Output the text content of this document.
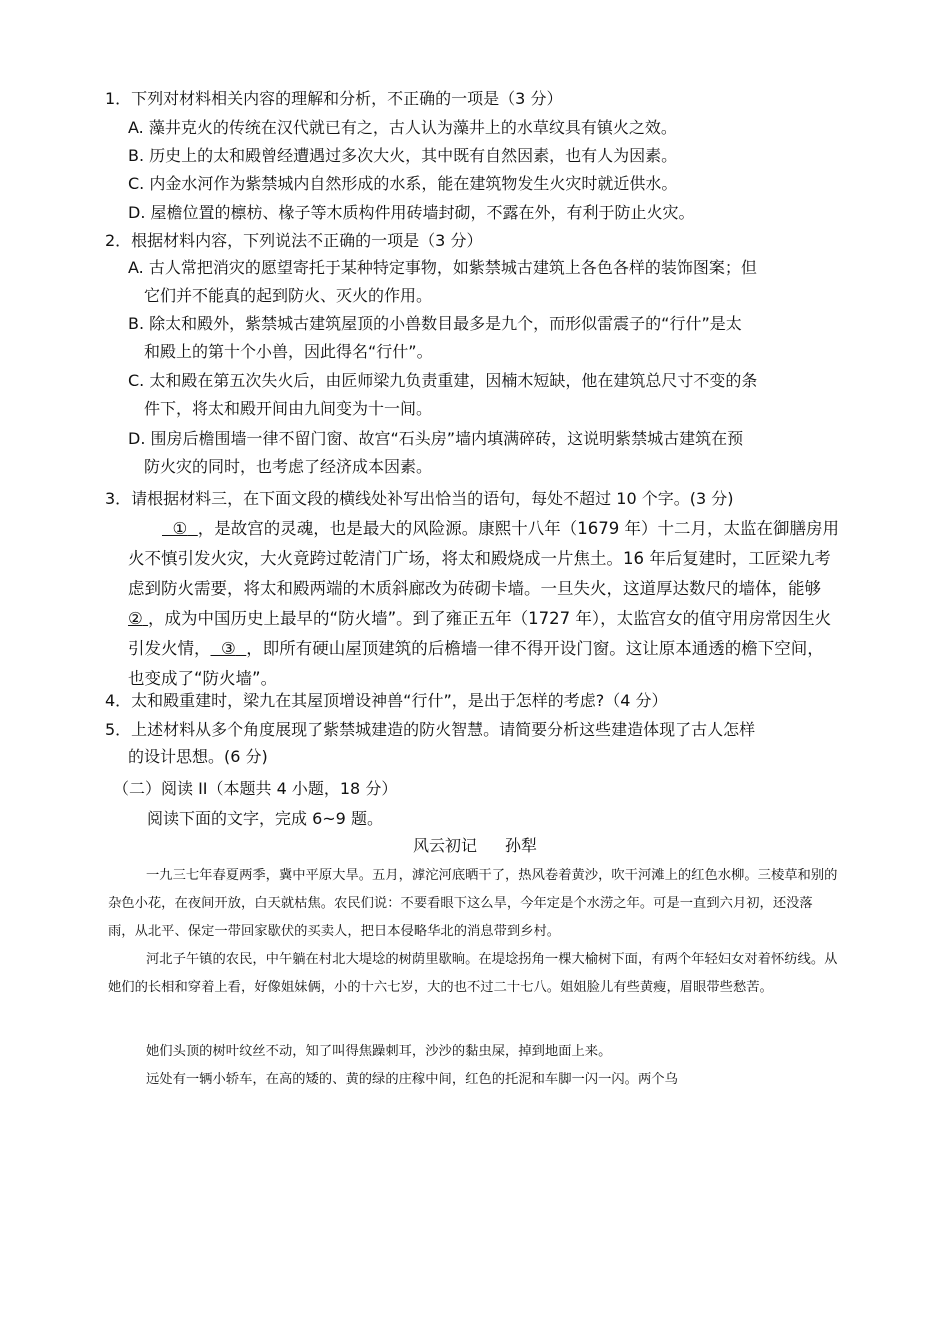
1．下列对材料相关内容的理解和分析，不正确的一项是（3 分）
A. 藻井克火的传统在汉代就已有之，古人认为藻井上的水草纹具有镇火之效。
B. 历史上的太和殿曾经遭遇过多次大火，其中既有自然因素，也有人为因素。
C. 内金水河作为紫禁城内自然形成的水系，能在建筑物发生火灾时就近供水。
D. 屋檐位置的檩枋、椽子等木质构件用砖墙封砌，不露在外，有利于防止火灾。
2．根据材料内容，下列说法不正确的一项是（3 分）
A. 古人常把消灾的愿望寄托于某种特定事物，如紫禁城古建筑上各色各样的装饰图案；但
它们并不能真的起到防火、灭火的作用。
B. 除太和殿外，紫禁城古建筑屋顶的小兽数目最多是九个，而形似雷震子的“行什”是太
和殿上的第十个小兽，因此得名“行什”。
C. 太和殿在第五次失火后，由匠师梁九负责重建，因楠木短缺，他在建筑总尺寸不变的条
件下，将太和殿开间由九间变为十一间。
D. 围房后檐围墙一律不留门窗、故宫“石头房”墙内填满碎砖，这说明紫禁城古建筑在预
防火灾的同时，也考虑了经济成本因素。
3．请根据材料三，在下面文段的横线处补写出恰当的语句，每处不超过 10 个字。(3 分)
① ，是故宫的灵魂，也是最大的风险源。康熙十八年（1679 年）十二月，太监在御膳房用火不慎引发火灾，大火竟跨过乾清门广场，将太和殿烧成一片焦土。16 年后复建时，工匠梁九考虑到防火需要，将太和殿两端的木质斜廊改为砖砌卡墙。一旦失火，这道厚达数尺的墙体，能够② ，成为中国历史上最早的“防火墙”。到了雍正五年（1727 年），太监宫女的值守用房常因生火引发火情， ③ ，即所有硬山屋顶建筑的后檐墙一律不得开设门窗。这让原本通透的檐下空间，也变成了“防火墙”。
4．太和殿重建时，梁九在其屋顶增设神兽“行什”，是出于怎样的考虑?（4 分）
5．上述材料从多个角度展现了紫禁城建造的防火智慧。请简要分析这些建造体现了古人怎样
的设计思想。(6 分)
（二）阅读 II（本题共 4 小题，18 分）
阅读下面的文字，完成 6~9 题。
风云初记 孙犁
一九三七年春夏两季，冀中平原大旱。五月，滹沱河底晒干了，热风卷着黄沙，吹干河滩上的红色水柳。三棱草和别的杂色小花，在夜间开放，白天就枯焦。农民们说：不要看眼下这么旱，今年定是个水涝之年。可是一直到六月初，还没落雨，从北平、保定一带回家歇伏的买卖人，把日本侵略华北的消息带到乡村。
河北子午镇的农民，中午躺在村北大堤埝的树荫里歇晌。在堤埝拐角一棵大榆树下面，有两个年轻妇女对着怀纺线。从她们的长相和穿着上看，好像姐妹俩，小的十六七岁，大的也不过二十七八。姐姐脸儿有些黄瘦，眉眼带些愁苦。
她们头顶的树叶纹丝不动，知了叫得焦躁刺耳，沙沙的黏虫屎，掉到地面上来。
远处有一辆小轿车，在高的矮的、黄的绿的庄稼中间，红色的托泥和车脚一闪一闪。两个乌
